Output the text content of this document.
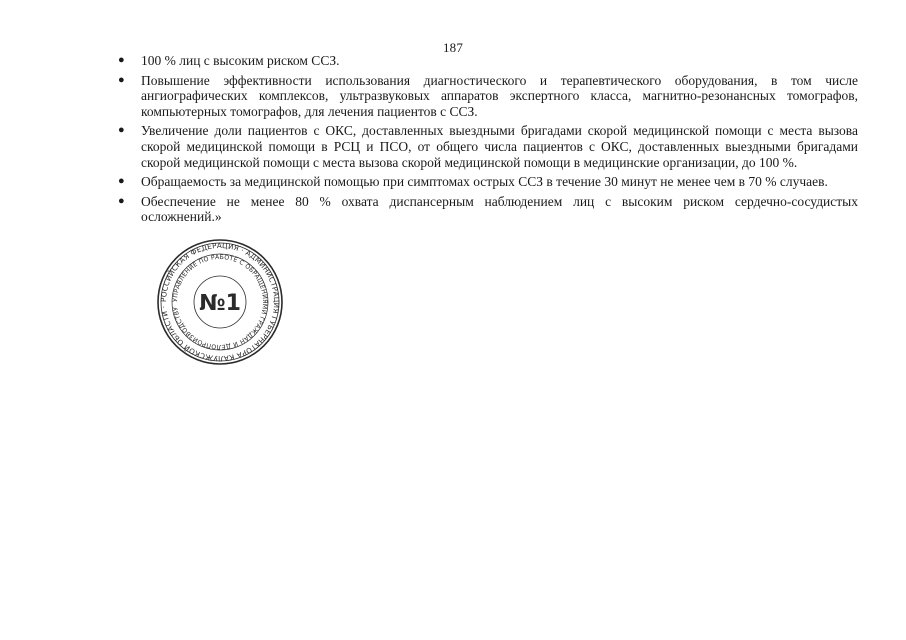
187
● 100 % лиц с высоким риском ССЗ.
● Повышение эффективности использования диагностического и терапевтического оборудования, в том числе
ангиографических комплексов, ультразвуковых аппаратов экспертного класса, магнитно-резонансных томографов,
компьютерных томографов, для лечения пациентов с ССЗ.
● Увеличение доли пациентов с ОКС, доставленных выездными бригадами скорой медицинской помощи с места вызова
скорой медицинской помощи в РСЦ и ПСО, от общего числа пациентов с ОКС, доставленных выездными бригадами
скорой медицинской помощи с места вызова скорой медицинской помощи в медицинские организации, до 100 %.
● Обращаемость за медицинской помощью при симптомах острых ССЗ в течение 30 минут не менее чем в 70 % случаев.
● Обеспечение не менее 80 % охвата диспансерным наблюдением лиц с высоким риском сердечно-сосудистых
осложнений.»
РОССИЙСКАЯ ФЕДЕРАЦИЯ · АДМИНИСТРАЦИЯ ГУБЕРНАТОРА КАЛУЖСКОЙ ОБЛАСТИ ·
УПРАВЛЕНИЕ ПО РАБОТЕ С ОБРАЩЕНИЯМИ ГРАЖДАН И ДЕЛОПРОИЗВОДСТВУ №1
